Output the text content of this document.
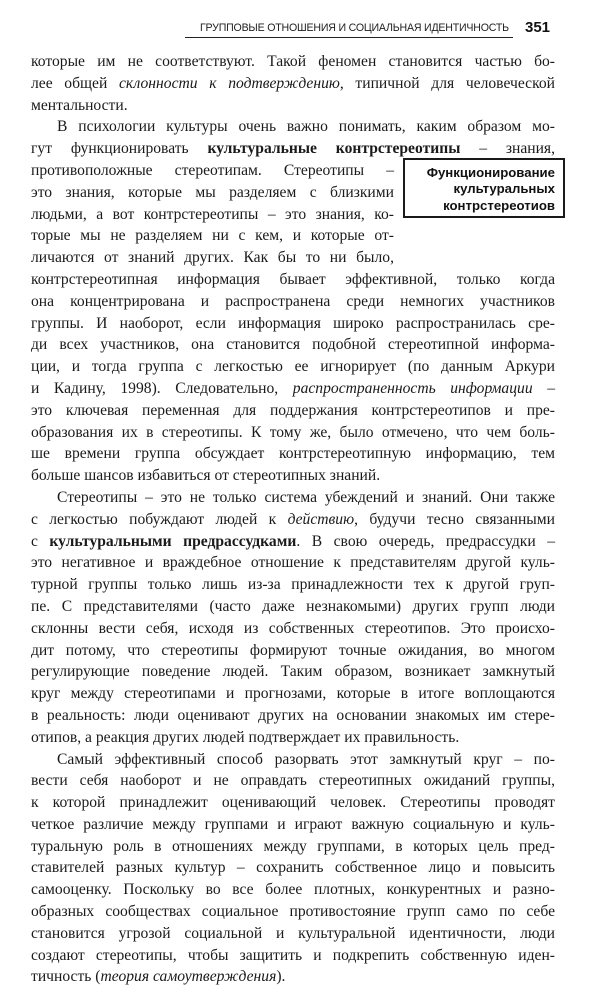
ГРУППОВЫЕ ОТНОШЕНИЯ И СОЦИАЛЬНАЯ ИДЕНТИЧНОСТЬ 351
которые им не соответствуют. Такой феномен становится частью бо-
лее общей склонности к подтверждению, типичной для человеческой
ментальности.
В психологии культуры очень важно понимать, каким образом мо-
гут функционировать культуральные контрстереотипы – знания,
противоположные стереотипам. Стереотипы –
это знания, которые мы разделяем с близкими
людьми, а вот контрстереотипы – это знания, ко-
торые мы не разделяем ни с кем, и которые от-
личаются от знаний других. Как бы то ни было,
контрстереотипная информация бывает эффективной, только когда
она концентрирована и распространена среди немногих участников
группы. И наоборот, если информация широко распространилась сре-
ди всех участников, она становится подобной стереотипной информа-
ции, и тогда группа с легкостью ее игнорирует (по данным Аркури
и Кадину, 1998). Следовательно, распространенность информации –
это ключевая переменная для поддержания контрстереотипов и пре-
образования их в стереотипы. К тому же, было отмечено, что чем боль-
ше времени группа обсуждает контрстереотипную информацию, тем
больше шансов избавиться от стереотипных знаний.
Стереотипы – это не только система убеждений и знаний. Они также
с легкостью побуждают людей к действию, будучи тесно связанными
с культуральными предрассудками. В свою очередь, предрассудки –
это негативное и враждебное отношение к представителям другой куль-
турной группы только лишь из-за принадлежности тех к другой груп-
пе. С представителями (часто даже незнакомыми) других групп люди
склонны вести себя, исходя из собственных стереотипов. Это происхо-
дит потому, что стереотипы формируют точные ожидания, во многом
регулирующие поведение людей. Таким образом, возникает замкнутый
круг между стереотипами и прогнозами, которые в итоге воплощаются
в реальность: люди оценивают других на основании знакомых им стере-
отипов, а реакция других людей подтверждает их правильность.
Самый эффективный способ разорвать этот замкнутый круг – по-
вести себя наоборот и не оправдать стереотипных ожиданий группы,
к которой принадлежит оценивающий человек. Стереотипы проводят
четкое различие между группами и играют важную социальную и куль-
туральную роль в отношениях между группами, в которых цель пред-
ставителей разных культур – сохранить собственное лицо и повысить
самооценку. Поскольку во все более плотных, конкурентных и разно-
образных сообществах социальное противостояние групп само по себе
становится угрозой социальной и культуральной идентичности, люди
создают стереотипы, чтобы защитить и подкрепить собственную иден-
тичность (теория самоутверждения).
Функционирование
культуральных
контрстереотиов
